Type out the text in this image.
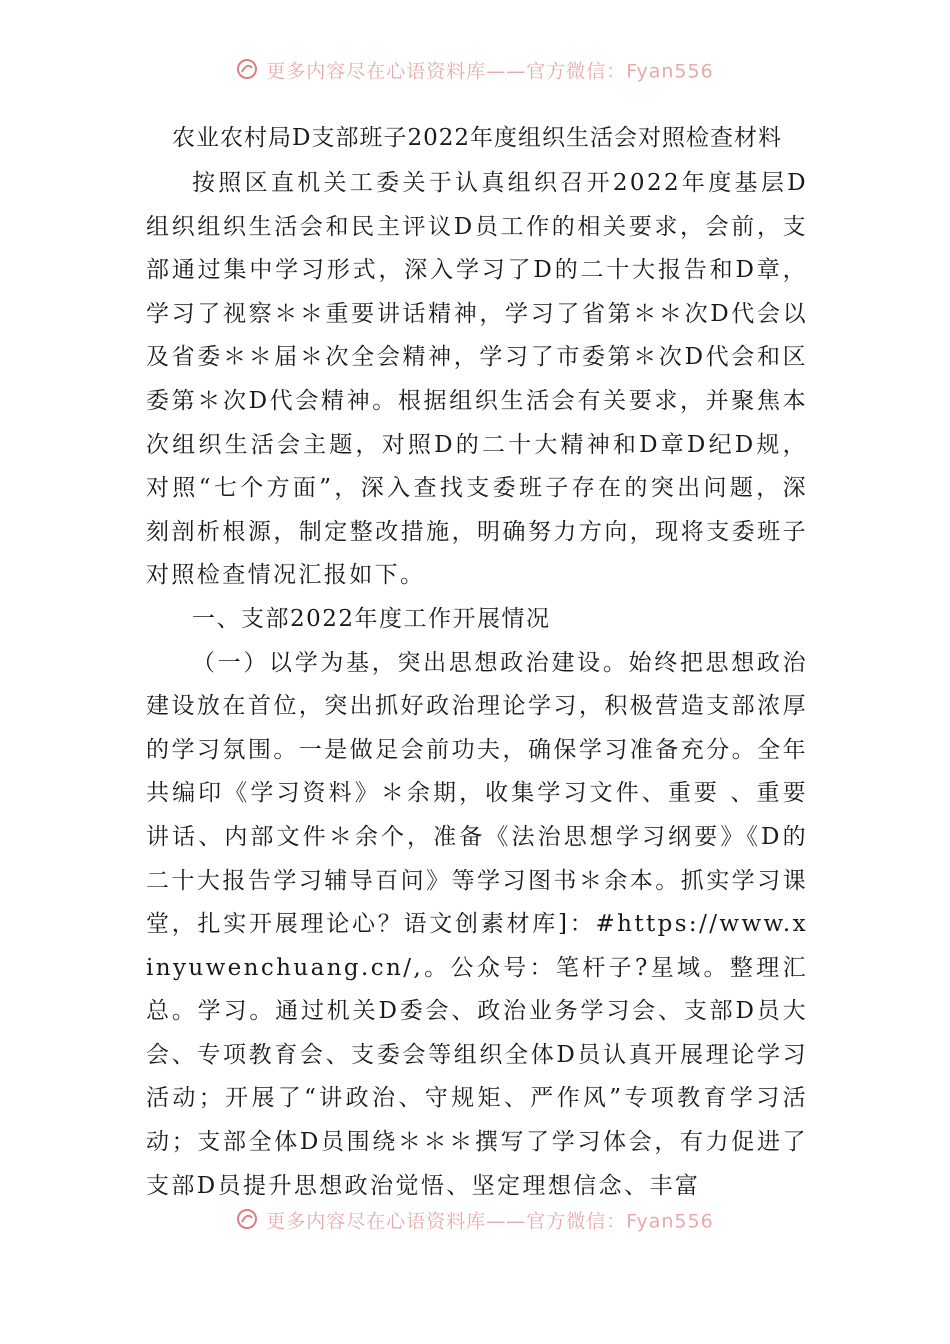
更多内容尽在心语资料库——官方微信：Fyan556
农业农村局D支部班子2022年度组织生活会对照检查材料

按照区直机关工委关于认真组织召开2022年度基层D组织组织生活会和民主评议D员工作的相关要求，会前，支部通过集中学习形式，深入学习了D的二十大报告和D章，学习了视察＊＊重要讲话精神，学习了省第＊＊次D代会以及省委＊＊届＊次全会精神，学习了市委第＊次D代会和区委第＊次D代会精神。根据组织生活会有关要求，并聚焦本次组织生活会主题，对照D的二十大精神和D章D纪D规，对照“七个方面”，深入查找支委班子存在的突出问题，深刻剖析根源，制定整改措施，明确努力方向，现将支委班子对照检查情况汇报如下。

一、支部2022年度工作开展情况

（一）以学为基，突出思想政治建设。始终把思想政治建设放在首位，突出抓好政治理论学习，积极营造支部浓厚的学习氛围。一是做足会前功夫，确保学习准备充分。全年共编印《学习资料》＊余期，收集学习文件、重要 、重要讲话、内部文件＊余个，准备《法治思想学习纲要》《D的二十大报告学习辅导百问》等学习图书＊余本。抓实学习课堂，扎实开展理论心？语文创素材库]：#https://www.xinyuwenchuang.cn/,。公众号：笔杆子?星域。整理汇总。学习。通过机关D委会、政治业务学习会、支部D员大会、专项教育会、支委会等组织全体D员认真开展理论学习活动；开展了“讲政治、守规矩、严作风”专项教育学习活动；支部全体D员围绕＊＊＊撰写了学习体会，有力促进了支部D员提升思想政治觉悟、坚定理想信念、丰富

更多内容尽在心语资料库——官方微信：Fyan556
